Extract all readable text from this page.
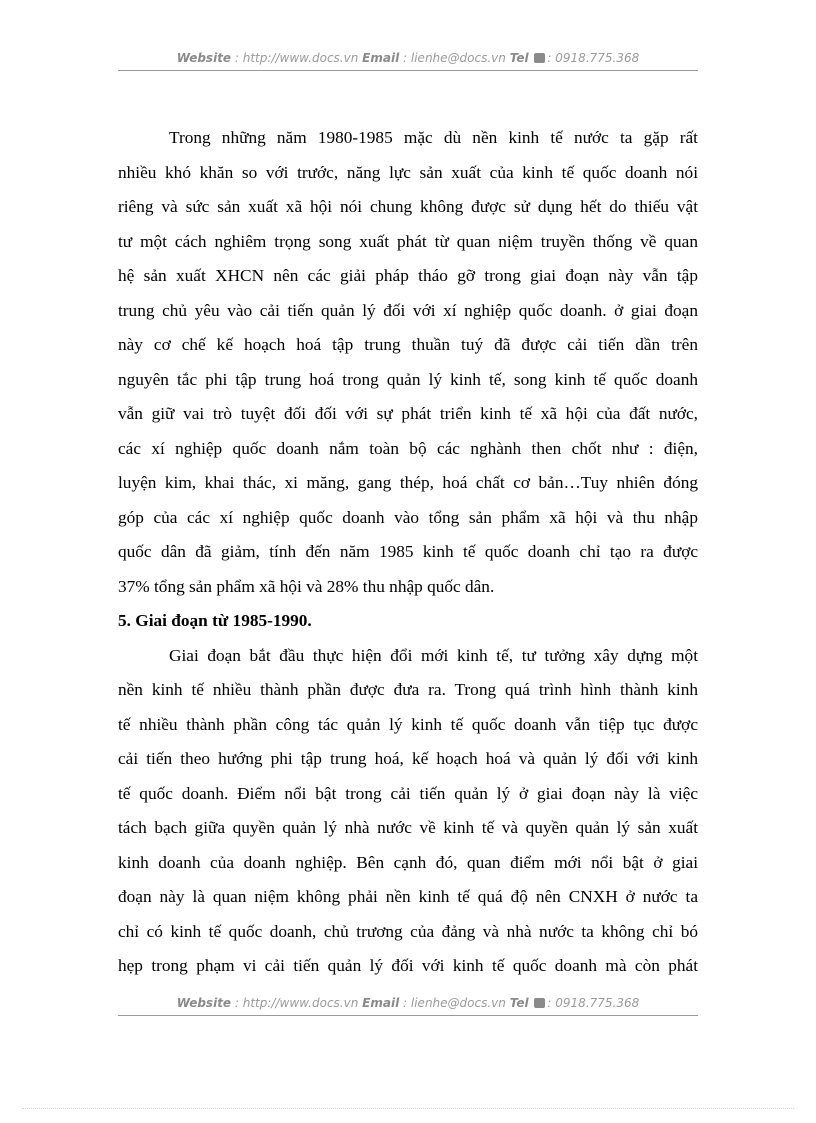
Website : http://www.docs.vn Email : lienhe@docs.vn Tel : 0918.775.368
Trong những năm 1980-1985 mặc dù nền kinh tế nước ta gặp rất
nhiều khó khăn so với trước, năng lực sản xuất của kinh tế quốc doanh nói
riêng và sức sản xuất xã hội nói chung không được sử dụng hết do thiếu vật
tư một cách nghiêm trọng song xuất phát từ quan niệm truyền thống về quan
hệ sản xuất XHCN nên các giải pháp tháo gỡ trong giai đoạn này vẫn tập
trung chủ yêu vào cải tiến quản lý đối với xí nghiệp quốc doanh. ở giai đoạn
này cơ chế kế hoạch hoá tập trung thuần tuý đã được cải tiến dần trên
nguyên tắc phi tập trung hoá trong quản lý kinh tế, song kinh tế quốc doanh
vẫn giữ vai trò tuyệt đối đối với sự phát triển kinh tế xã hội của đất nước,
các xí nghiệp quốc doanh nắm toàn bộ các nghành then chốt như : điện,
luyện kim, khai thác, xi măng, gang thép, hoá chất cơ bản…Tuy nhiên đóng
góp của các xí nghiệp quốc doanh vào tổng sản phẩm xã hội và thu nhập
quốc dân đã giảm, tính đến năm 1985 kinh tế quốc doanh chỉ tạo ra được
37% tổng sản phẩm xã hội và 28% thu nhập quốc dân.
5. Giai đoạn từ 1985-1990.
Giai đoạn bắt đầu thực hiện đổi mới kinh tế, tư tưởng xây dựng một
nền kinh tế nhiều thành phần được đưa ra. Trong quá trình hình thành kinh
tế nhiều thành phần công tác quản lý kinh tế quốc doanh vẫn tiệp tục được
cải tiến theo hướng phi tập trung hoá, kế hoạch hoá và quản lý đối với kinh
tế quốc doanh. Điểm nổi bật trong cải tiến quản lý ở giai đoạn này là việc
tách bạch giữa quyền quản lý nhà nước về kinh tế và quyền quản lý sản xuất
kinh doanh của doanh nghiệp. Bên cạnh đó, quan điểm mới nổi bật ở giai
đoạn này là quan niệm không phải nền kinh tế quá độ nên CNXH ở nước ta
chỉ có kinh tế quốc doanh, chủ trương của đảng và nhà nước ta không chỉ bó
hẹp trong phạm vi cải tiến quản lý đối với kinh tế quốc doanh mà còn phát
Website : http://www.docs.vn Email : lienhe@docs.vn Tel : 0918.775.368
